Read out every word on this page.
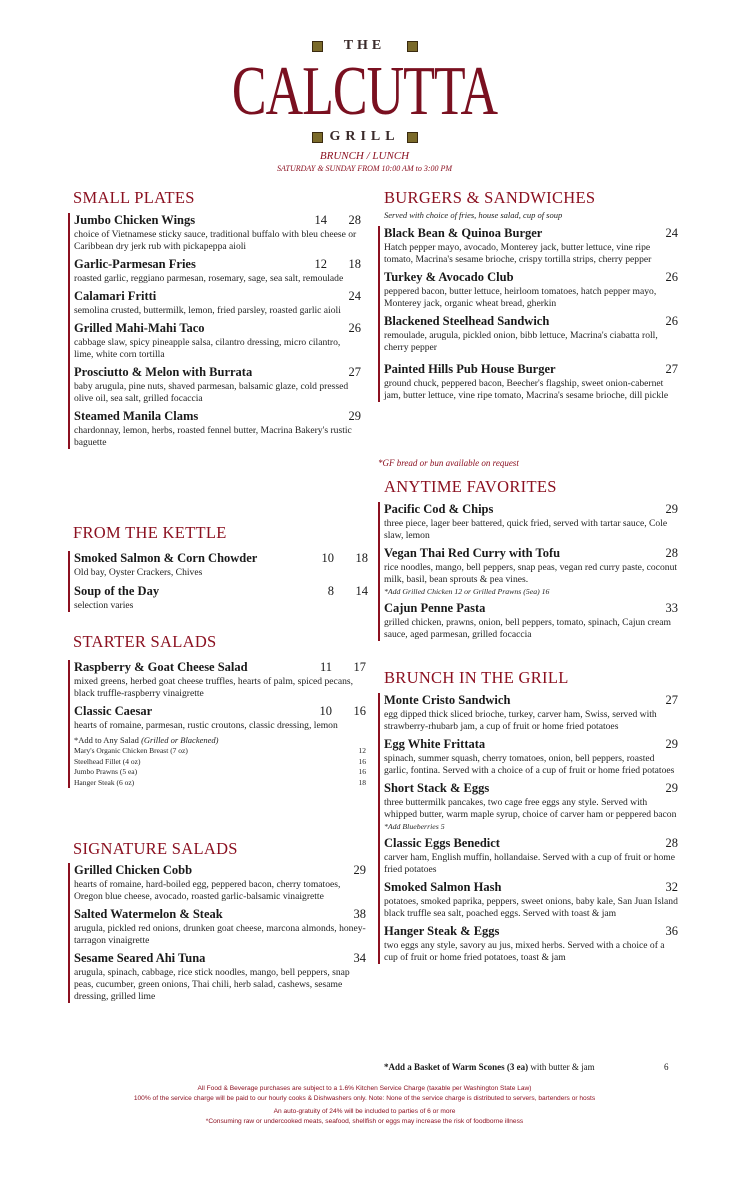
THE
CALCUTTA
GRILL
BRUNCH / LUNCH
SATURDAY & SUNDAY FROM 10:00 AM to 3:00 PM
SMALL PLATES
Jumbo Chicken Wings	14 28
choice of Vietnamese sticky sauce, traditional buffalo with bleu cheese or Caribbean dry jerk rub with pickapeppa aioli
Garlic-Parmesan Fries	12 18
roasted garlic, reggiano parmesan, rosemary, sage, sea salt, remoulade
Calamari Fritti	24
semolina crusted, buttermilk, lemon, fried parsley, roasted garlic aioli
Grilled Mahi-Mahi Taco	26
cabbage slaw, spicy pineapple salsa, cilantro dressing, micro cilantro, lime, white corn tortilla
Prosciutto & Melon with Burrata	27
baby arugula, pine nuts, shaved parmesan, balsamic glaze, cold pressed olive oil, sea salt, grilled focaccia
Steamed Manila Clams	29
chardonnay, lemon, herbs, roasted fennel butter, Macrina Bakery's rustic baguette
FROM THE KETTLE
Smoked Salmon & Corn Chowder	10 18
Old bay, Oyster Crackers, Chives
Soup of the Day	8 14
selection varies
STARTER SALADS
Raspberry & Goat Cheese Salad	11 17
mixed greens, herbed goat cheese truffles, hearts of palm, spiced pecans, black truffle-raspberry vinaigrette
Classic Caesar	10 16
hearts of romaine, parmesan, rustic croutons, classic dressing, lemon
*Add to Any Salad (Grilled or Blackened)
Mary's Organic Chicken Breast (7 oz)	12
Steelhead Fillet (4 oz)	16
Jumbo Prawns (5 ea)	16
Hanger Steak (6 oz)	18
SIGNATURE SALADS
Grilled Chicken Cobb	29
hearts of romaine, hard-boiled egg, peppered bacon, cherry tomatoes, Oregon blue cheese, avocado, roasted garlic-balsamic vinaigrette
Salted Watermelon & Steak	38
arugula, pickled red onions, drunken goat cheese, marcona almonds, honey-tarragon vinaigrette
Sesame Seared Ahi Tuna	34
arugula, spinach, cabbage, rice stick noodles, mango, bell peppers, snap peas, cucumber, green onions, Thai chili, herb salad, cashews, sesame dressing, grilled lime
BURGERS & SANDWICHES
Served with choice of fries, house salad, cup of soup
Black Bean & Quinoa Burger	24
Hatch pepper mayo, avocado, Monterey jack, butter lettuce, vine ripe tomato, Macrina's sesame brioche, crispy tortilla strips, cherry pepper
Turkey & Avocado Club	26
peppered bacon, butter lettuce, heirloom tomatoes, hatch pepper mayo, Monterey jack, organic wheat bread, gherkin
Blackened Steelhead Sandwich	26
remoulade, arugula, pickled onion, bibb lettuce, Macrina's ciabatta roll, cherry pepper
Painted Hills Pub House Burger	27
ground chuck, peppered bacon, Beecher's flagship, sweet onion-cabernet jam, butter lettuce, vine ripe tomato, Macrina's sesame brioche, dill pickle
*GF bread or bun available on request
ANYTIME FAVORITES
Pacific Cod & Chips	29
three piece, lager beer battered, quick fried, served with tartar sauce, Cole slaw, lemon
Vegan Thai Red Curry with Tofu	28
rice noodles, mango, bell peppers, snap peas, vegan red curry paste, coconut milk, basil, bean sprouts & pea vines.
*Add Grilled Chicken 12 or Grilled Prawns (5ea) 16
Cajun Penne Pasta	33
grilled chicken, prawns, onion, bell peppers, tomato, spinach, Cajun cream sauce, aged parmesan, grilled focaccia
BRUNCH IN THE GRILL
Monte Cristo Sandwich	27
egg dipped thick sliced brioche, turkey, carver ham, Swiss, served with strawberry-rhubarb jam, a cup of fruit or home fried potatoes
Egg White Frittata	29
spinach, summer squash, cherry tomatoes, onion, bell peppers, roasted garlic, fontina. Served with a choice of a cup of fruit or home fried potatoes
Short Stack & Eggs	29
three buttermilk pancakes, two cage free eggs any style. Served with whipped butter, warm maple syrup, choice of carver ham or peppered bacon
*Add Blueberries 5
Classic Eggs Benedict	28
carver ham, English muffin, hollandaise. Served with a cup of fruit or home fried potatoes
Smoked Salmon Hash	32
potatoes, smoked paprika, peppers, sweet onions, baby kale, San Juan Island black truffle sea salt, poached eggs. Served with toast & jam
Hanger Steak & Eggs	36
two eggs any style, savory au jus, mixed herbs. Served with a choice of a cup of fruit or home fried potatoes, toast & jam
*Add a Basket of Warm Scones (3 ea) with butter & jam	6
All Food & Beverage purchases are subject to a 1.6% Kitchen Service Charge (taxable per Washington State Law)
100% of the service charge will be paid to our hourly cooks & Dishwashers only. Note: None of the service charge is distributed to servers, bartenders or hosts
An auto-gratuity of 24% will be included to parties of 6 or more
*Consuming raw or undercooked meats, seafood, shellfish or eggs may increase the risk of foodborne illness
